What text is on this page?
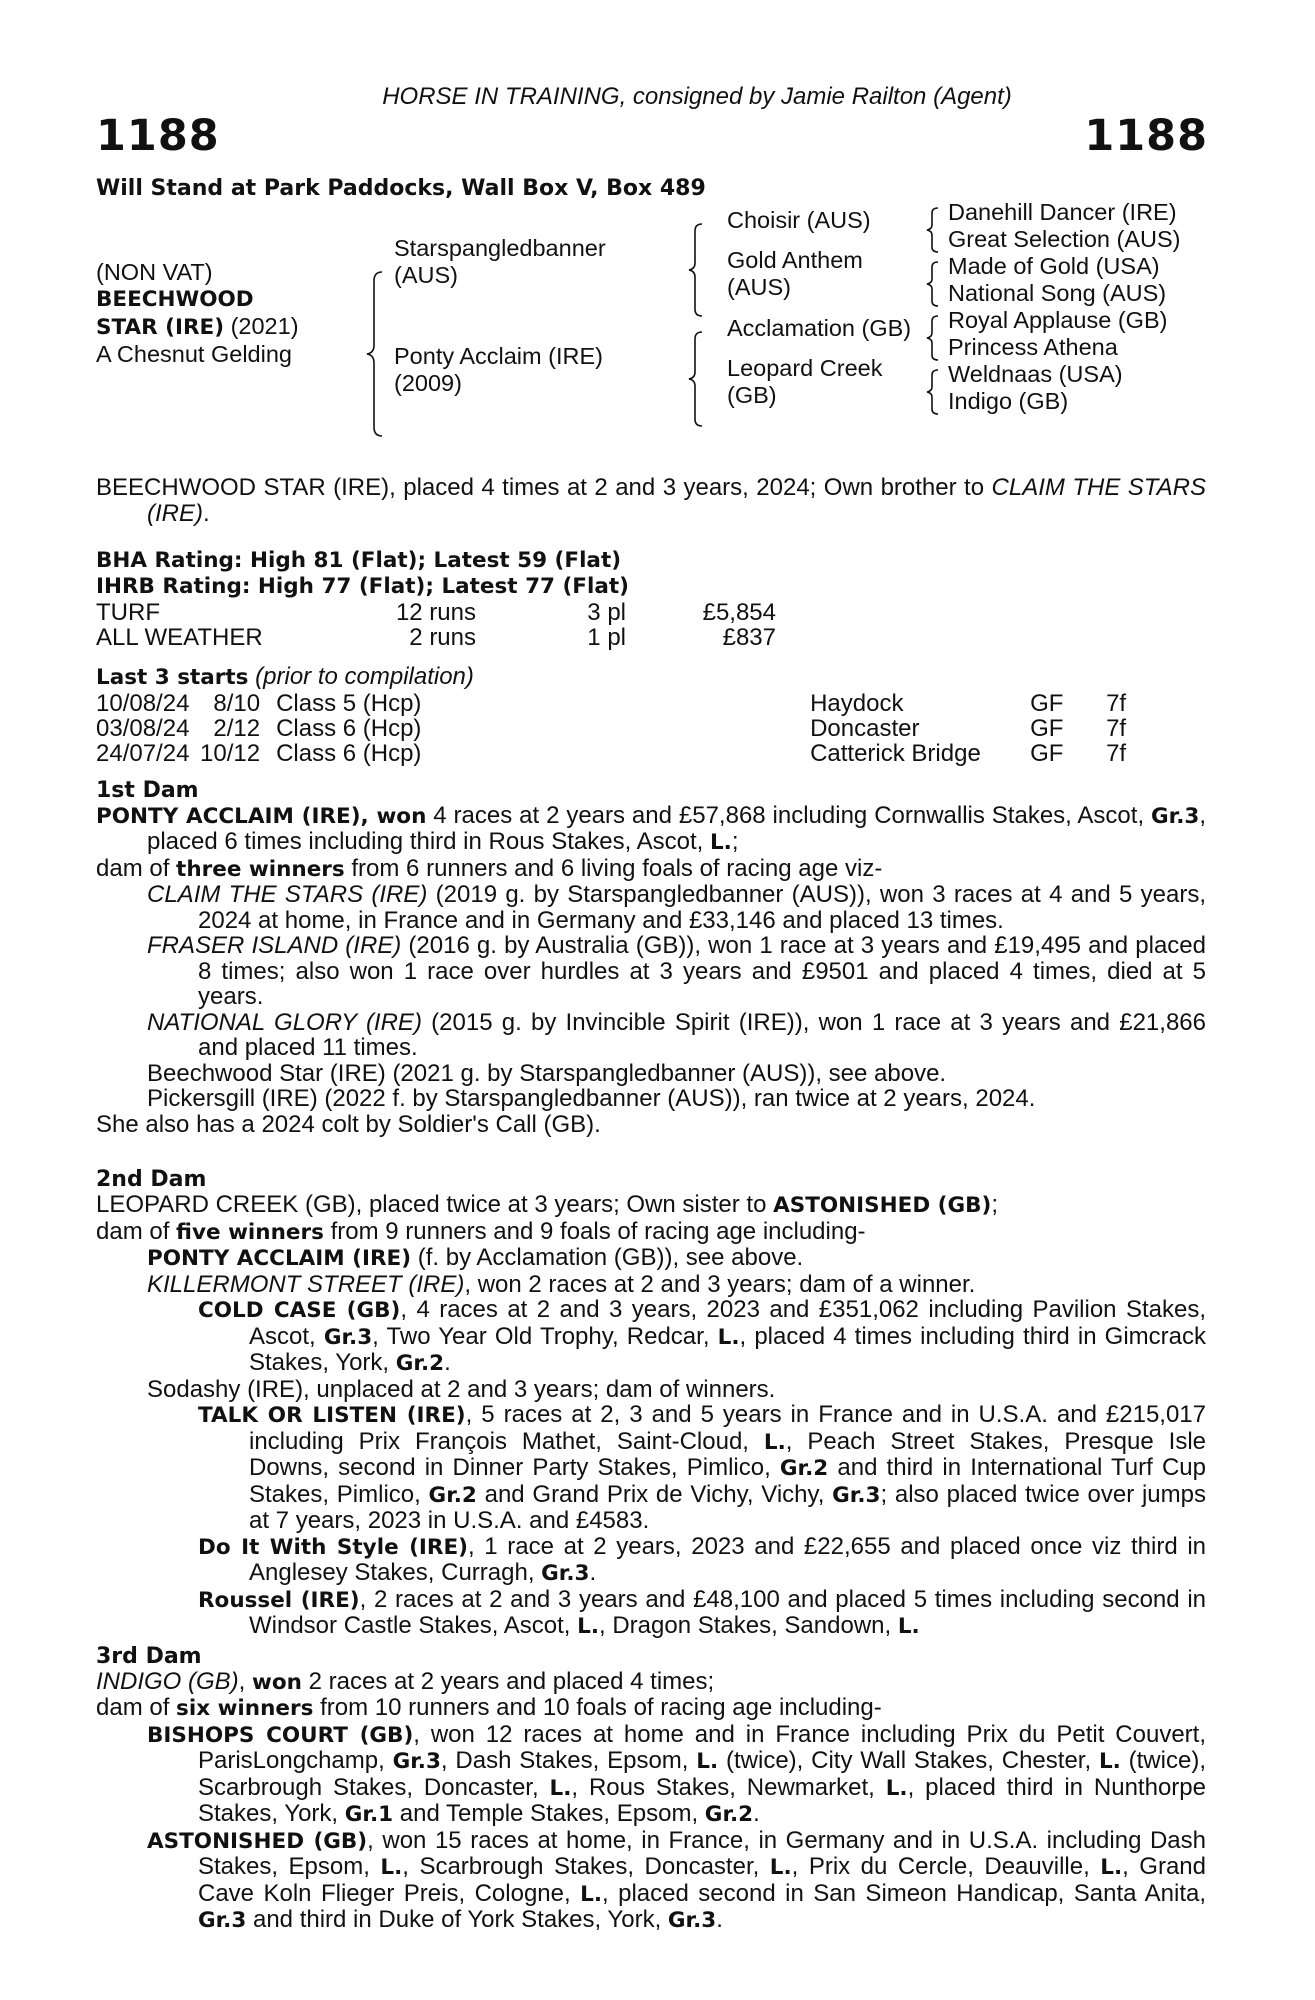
HORSE IN TRAINING, consigned by Jamie Railton (Agent)
1188	1188
Will Stand at Park Paddocks, Wall Box V, Box 489
(NON VAT)
BEECHWOOD
STAR (IRE) (2021)
A Chesnut Gelding
Starspangledbanner
(AUS)
Ponty Acclaim (IRE)
(2009)
Choisir (AUS)
Gold Anthem
(AUS)
Acclamation (GB)
Leopard Creek
(GB)
Danehill Dancer (IRE)
Great Selection (AUS)
Made of Gold (USA)
National Song (AUS)
Royal Applause (GB)
Princess Athena
Weldnaas (USA)
Indigo (GB)
BEECHWOOD STAR (IRE), placed 4 times at 2 and 3 years, 2024; Own brother to CLAIM THE STARS (IRE).
BHA Rating: High 81 (Flat); Latest 59 (Flat)
IHRB Rating: High 77 (Flat); Latest 77 (Flat)
TURF	12 runs	3 pl	£5,854
ALL WEATHER	2 runs	1 pl	£837
Last 3 starts (prior to compilation)
10/08/24	8/10	Class 5 (Hcp)	Haydock	GF	7f
03/08/24	2/12	Class 6 (Hcp)	Doncaster	GF	7f
24/07/24	10/12	Class 6 (Hcp)	Catterick Bridge	GF	7f
1st Dam
PONTY ACCLAIM (IRE), won 4 races at 2 years and £57,868 including Cornwallis Stakes, Ascot, Gr.3, placed 6 times including third in Rous Stakes, Ascot, L.;
dam of three winners from 6 runners and 6 living foals of racing age viz-
CLAIM THE STARS (IRE) (2019 g. by Starspangledbanner (AUS)), won 3 races at 4 and 5 years, 2024 at home, in France and in Germany and £33,146 and placed 13 times.
FRASER ISLAND (IRE) (2016 g. by Australia (GB)), won 1 race at 3 years and £19,495 and placed 8 times; also won 1 race over hurdles at 3 years and £9501 and placed 4 times, died at 5 years.
NATIONAL GLORY (IRE) (2015 g. by Invincible Spirit (IRE)), won 1 race at 3 years and £21,866 and placed 11 times.
Beechwood Star (IRE) (2021 g. by Starspangledbanner (AUS)), see above.
Pickersgill (IRE) (2022 f. by Starspangledbanner (AUS)), ran twice at 2 years, 2024.
She also has a 2024 colt by Soldier's Call (GB).
2nd Dam
LEOPARD CREEK (GB), placed twice at 3 years; Own sister to ASTONISHED (GB);
dam of five winners from 9 runners and 9 foals of racing age including-
PONTY ACCLAIM (IRE) (f. by Acclamation (GB)), see above.
KILLERMONT STREET (IRE), won 2 races at 2 and 3 years; dam of a winner.
COLD CASE (GB), 4 races at 2 and 3 years, 2023 and £351,062 including Pavilion Stakes, Ascot, Gr.3, Two Year Old Trophy, Redcar, L., placed 4 times including third in Gimcrack Stakes, York, Gr.2.
Sodashy (IRE), unplaced at 2 and 3 years; dam of winners.
TALK OR LISTEN (IRE), 5 races at 2, 3 and 5 years in France and in U.S.A. and £215,017 including Prix François Mathet, Saint-Cloud, L., Peach Street Stakes, Presque Isle Downs, second in Dinner Party Stakes, Pimlico, Gr.2 and third in International Turf Cup Stakes, Pimlico, Gr.2 and Grand Prix de Vichy, Vichy, Gr.3; also placed twice over jumps at 7 years, 2023 in U.S.A. and £4583.
Do It With Style (IRE), 1 race at 2 years, 2023 and £22,655 and placed once viz third in Anglesey Stakes, Curragh, Gr.3.
Roussel (IRE), 2 races at 2 and 3 years and £48,100 and placed 5 times including second in Windsor Castle Stakes, Ascot, L., Dragon Stakes, Sandown, L.
3rd Dam
INDIGO (GB), won 2 races at 2 years and placed 4 times;
dam of six winners from 10 runners and 10 foals of racing age including-
BISHOPS COURT (GB), won 12 races at home and in France including Prix du Petit Couvert, ParisLongchamp, Gr.3, Dash Stakes, Epsom, L. (twice), City Wall Stakes, Chester, L. (twice), Scarbrough Stakes, Doncaster, L., Rous Stakes, Newmarket, L., placed third in Nunthorpe Stakes, York, Gr.1 and Temple Stakes, Epsom, Gr.2.
ASTONISHED (GB), won 15 races at home, in France, in Germany and in U.S.A. including Dash Stakes, Epsom, L., Scarbrough Stakes, Doncaster, L., Prix du Cercle, Deauville, L., Grand Cave Koln Flieger Preis, Cologne, L., placed second in San Simeon Handicap, Santa Anita, Gr.3 and third in Duke of York Stakes, York, Gr.3.
